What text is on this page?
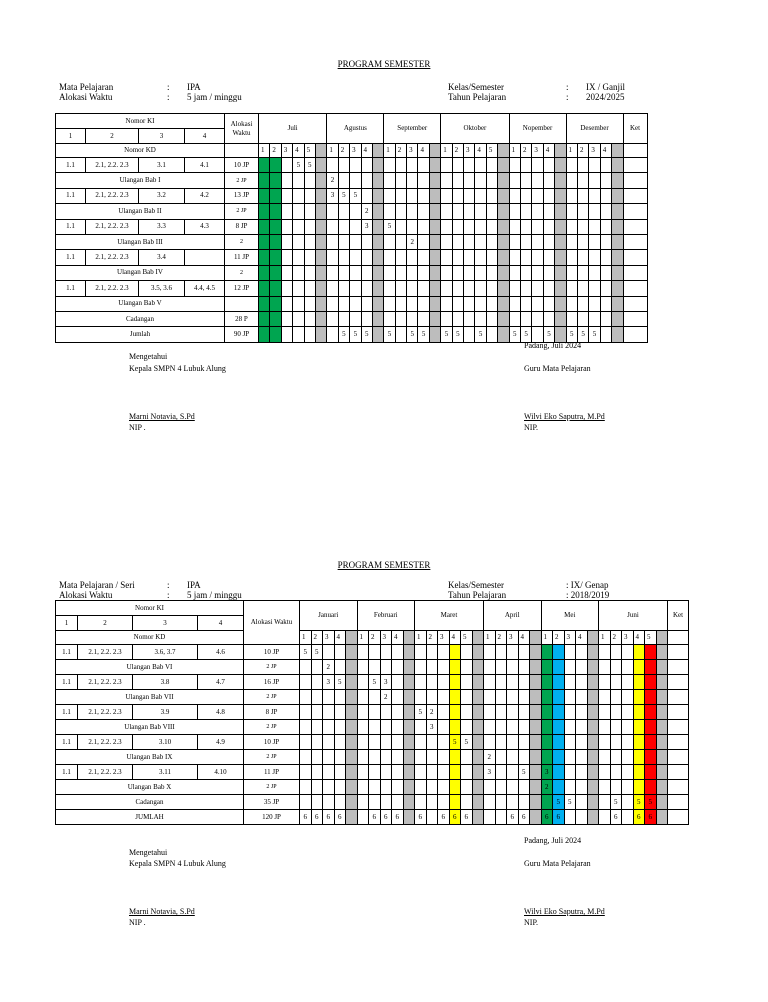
PROGRAM SEMESTER
Mata Pelajaran	: IPA
Alokasi Waktu	: 5 jam / minggu
Kelas/Semester	: IX / Ganjil
Tahun Pelajaran	: 2024/2025
Nomor KI				Alokasi Waktu	Juli						Agustus					September					Oktober						Nopember					Desember					Ket
1	2	3	4																																		
Nomor KD					1	2	3	4	5		1	2	3	4		1	2	3	4		1	2	3	4	5		1	2	3	4		1	2	3	4		
1.1	2.1, 2.2. 2.3	3.1	4.1	10 JP				5	5																												
Ulangan Bab I				2 JP							2																										
1.1	2.1, 2.2. 2.3	3.2	4.2	13 JP							3	5	5																								
Ulangan Bab II				2 JP										2																							
1.1	2.1, 2.2. 2.3	3.3	4.3	8 JP										3		5																					
Ulangan Bab III				2														2																			
1.1	2.1, 2.2. 2.3	3.4		11 JP																																	
Ulangan Bab IV				2																																	
1.1	2.1, 2.2. 2.3	3.5, 3.6	4.4, 4.5	12 JP																																	
Ulangan Bab V																																					
Cadangan				28 P																																	
Jumlah				90 JP								5	5	5		5		5	5		5	5		5			5	5		5		5	5	5			
Mengetahui
Kepala SMPN 4 Lubuk Alung
Marni Notavia, S.Pd
NIP .
Padang, Juli 2024
Guru Mata Pelajaran
Wilvi Eko Saputra, M.Pd
NIP.
PROGRAM SEMESTER
Mata Pelajaran / Seri	: IPA
Alokasi Waktu	: 5 jam / minggu
Kelas/Semester	: IX/ Genap
Tahun Pelajaran	: 2018/2019
Nomor KI				Alokasi Waktu	Januari					Februari					Maret						April					Mei					Juni						Ket
1	2	3	4																																		
Nomor KD					1	2	3	4		1	2	3	4		1	2	3	4	5		1	2	3	4		1	2	3	4		1	2	3	4	5		
1.1	2.1, 2.2. 2.3	3.6, 3.7	4.6	10 JP	5	5																															
Ulangan Bab VI				2 JP			2																														
1.1	2.1, 2.2. 2.3	3.8	4.7	16 JP			3	5			5	3																									
Ulangan Bab VII				2 JP								2																									
1.1	2.1, 2.2. 2.3	3.9	4.8	8 JP											5	2																					
Ulangan Bab VIII				2 JP												3																					
1.1	2.1, 2.2. 2.3	3.10	4.9	10 JP														5	5																		
Ulangan Bab IX				2 JP																	2																
1.1	2.1, 2.2. 2.3	3.11	4.10	11 JP																	3			5		3											
Ulangan Bab X				2 JP																						2											
Cadangan				35 JP																							5	5				5		5	5		
JUMLAH				120 JP	6	6	6	6			6	6	6		6		6	6	6				6	6		6	6					6		6	6		
Padang, Juli 2024
Mengetahui
Kepala SMPN 4 Lubuk Alung	Guru Mata Pelajaran
Marni Notavia, S.Pd
NIP .
Wilvi Eko Saputra, M.Pd
NIP.
